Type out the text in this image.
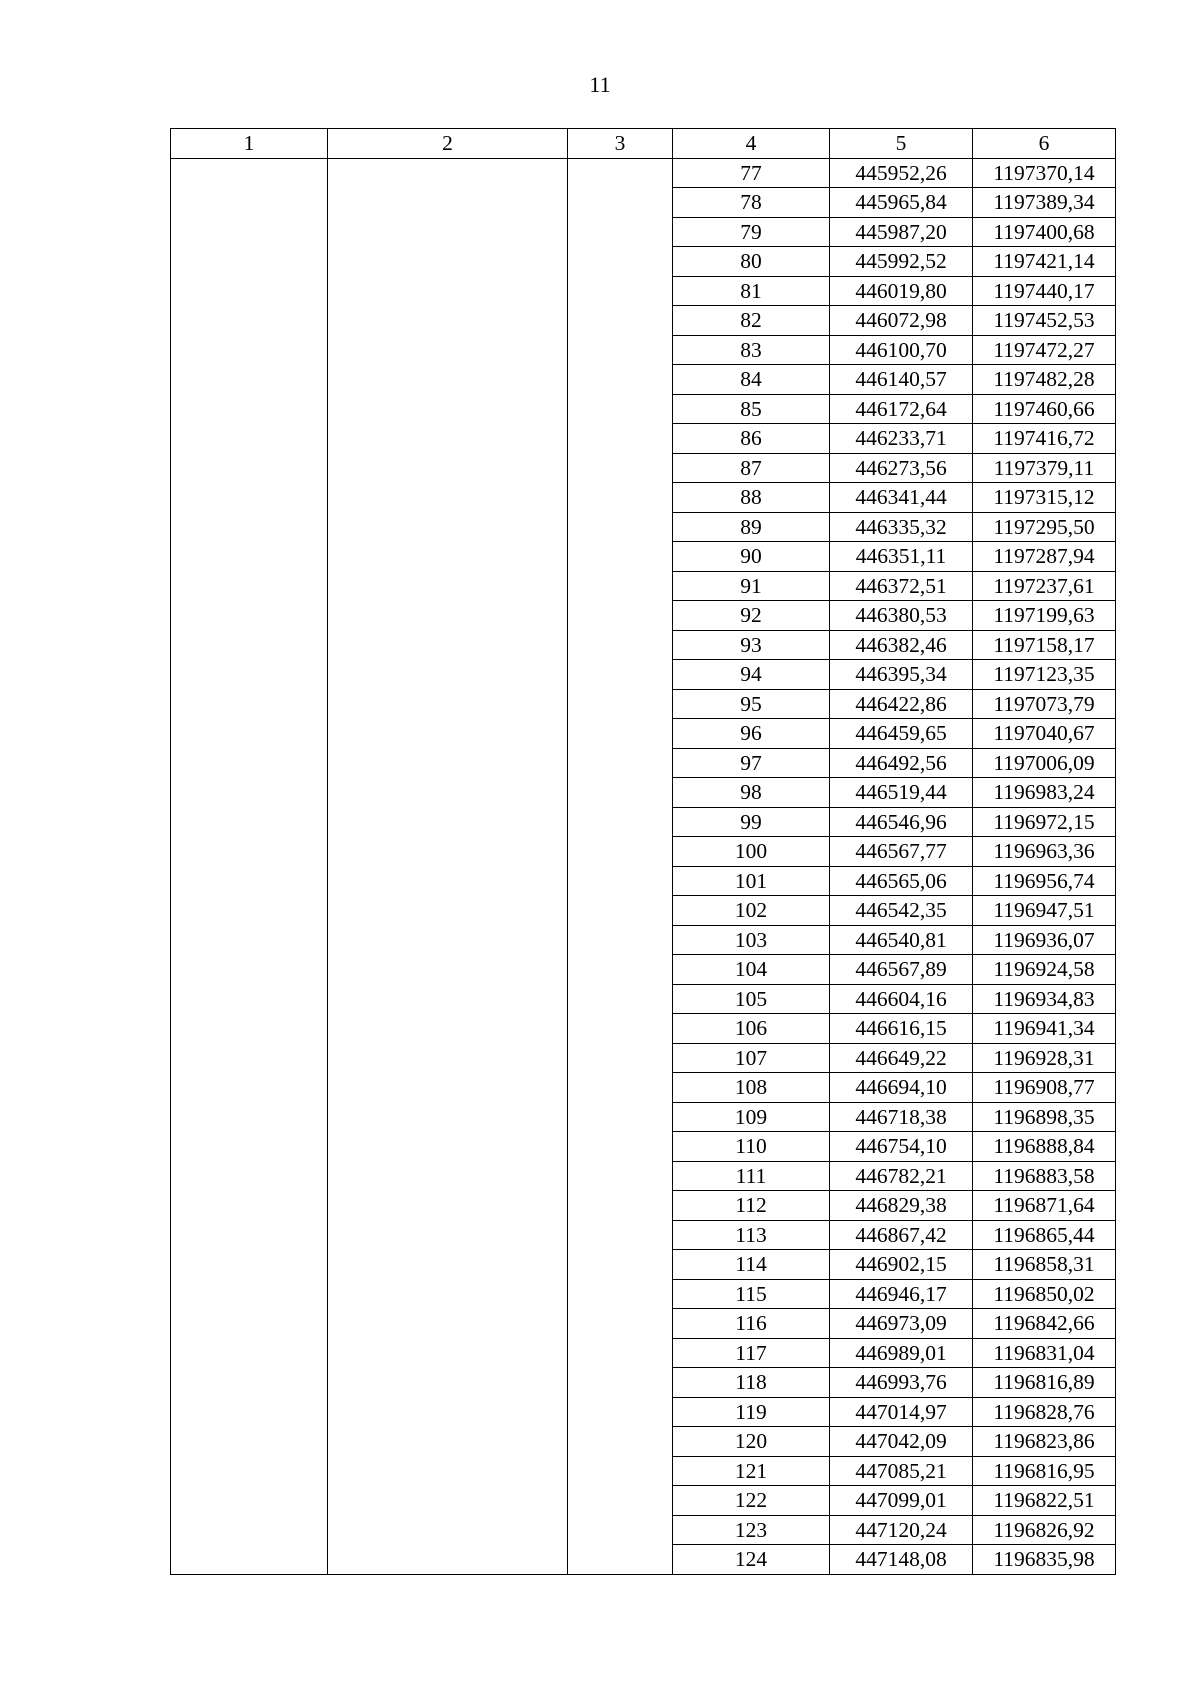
11
1	2	3	4	5	6
			77	445952,26	1197370,14
			78	445965,84	1197389,34
			79	445987,20	1197400,68
			80	445992,52	1197421,14
			81	446019,80	1197440,17
			82	446072,98	1197452,53
			83	446100,70	1197472,27
			84	446140,57	1197482,28
			85	446172,64	1197460,66
			86	446233,71	1197416,72
			87	446273,56	1197379,11
			88	446341,44	1197315,12
			89	446335,32	1197295,50
			90	446351,11	1197287,94
			91	446372,51	1197237,61
			92	446380,53	1197199,63
			93	446382,46	1197158,17
			94	446395,34	1197123,35
			95	446422,86	1197073,79
			96	446459,65	1197040,67
			97	446492,56	1197006,09
			98	446519,44	1196983,24
			99	446546,96	1196972,15
			100	446567,77	1196963,36
			101	446565,06	1196956,74
			102	446542,35	1196947,51
			103	446540,81	1196936,07
			104	446567,89	1196924,58
			105	446604,16	1196934,83
			106	446616,15	1196941,34
			107	446649,22	1196928,31
			108	446694,10	1196908,77
			109	446718,38	1196898,35
			110	446754,10	1196888,84
			111	446782,21	1196883,58
			112	446829,38	1196871,64
			113	446867,42	1196865,44
			114	446902,15	1196858,31
			115	446946,17	1196850,02
			116	446973,09	1196842,66
			117	446989,01	1196831,04
			118	446993,76	1196816,89
			119	447014,97	1196828,76
			120	447042,09	1196823,86
			121	447085,21	1196816,95
			122	447099,01	1196822,51
			123	447120,24	1196826,92
			124	447148,08	1196835,98
